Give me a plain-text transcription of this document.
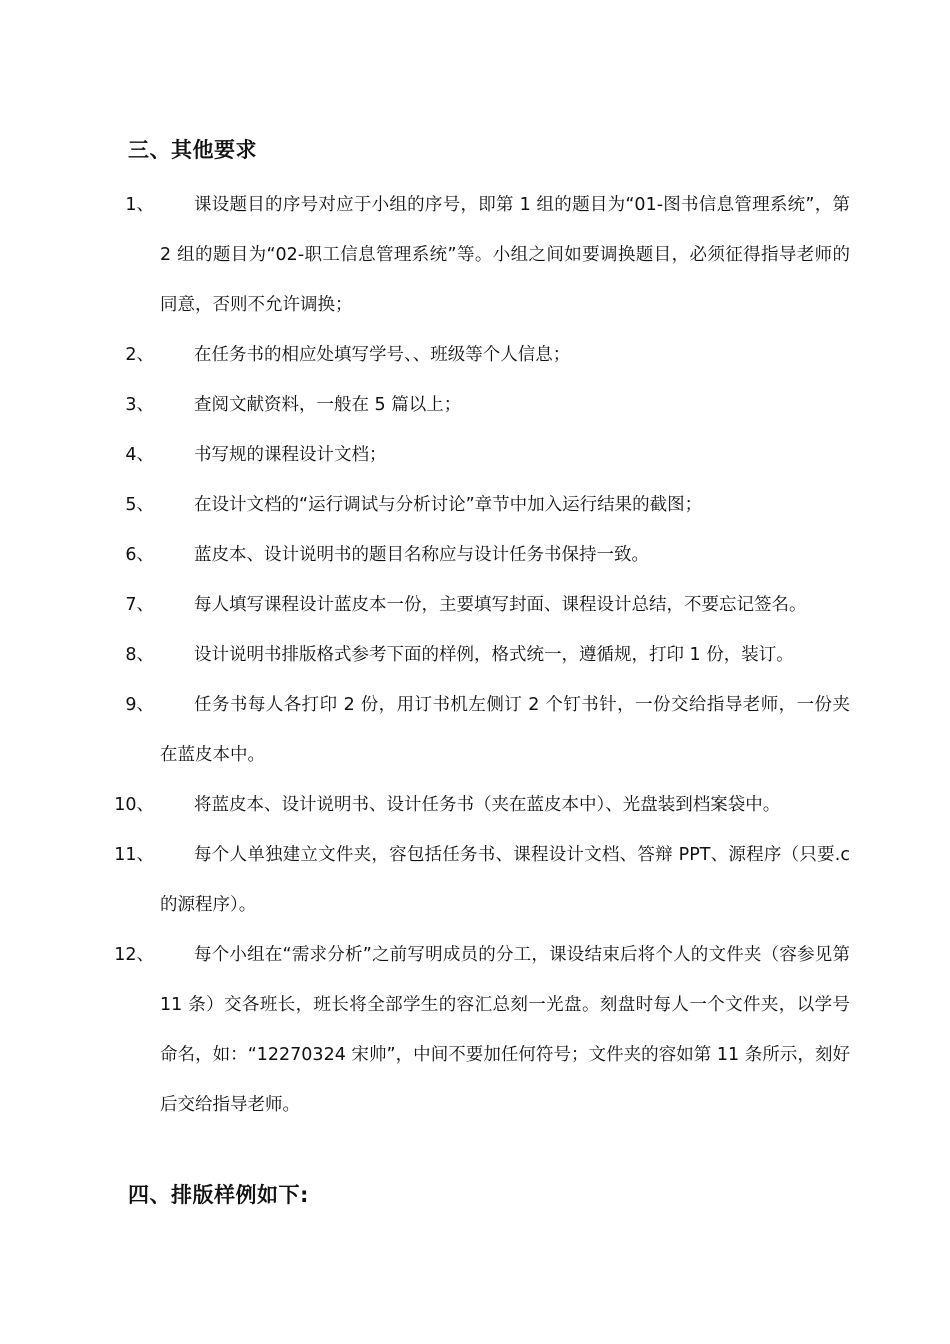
三、其他要求
1、	课设题目的序号对应于小组的序号，即第 1 组的题目为“01-图书信息管理系统”，第 2 组的题目为“02-职工信息管理系统”等。小组之间如要调换题目，必须征得指导老师的同意，否则不允许调换；
2、	在任务书的相应处填写学号、、班级等个人信息；
3、	查阅文献资料，一般在 5 篇以上；
4、	书写规的课程设计文档；
5、	在设计文档的“运行调试与分析讨论”章节中加入运行结果的截图；
6、	蓝皮本、设计说明书的题目名称应与设计任务书保持一致。
7、	每人填写课程设计蓝皮本一份，主要填写封面、课程设计总结，不要忘记签名。
8、	设计说明书排版格式参考下面的样例，格式统一，遵循规，打印 1 份，装订。
9、	任务书每人各打印 2 份，用订书机左侧订 2 个钉书针，一份交给指导老师，一份夹在蓝皮本中。
10、	将蓝皮本、设计说明书、设计任务书（夹在蓝皮本中）、光盘装到档案袋中。
11、	每个人单独建立文件夹，容包括任务书、课程设计文档、答辩 PPT、源程序（只要.c 的源程序）。
12、	每个小组在“需求分析”之前写明成员的分工，课设结束后将个人的文件夹（容参见第 11 条）交各班长，班长将全部学生的容汇总刻一光盘。刻盘时每人一个文件夹，以学号命名，如：“12270324 宋帅”，中间不要加任何符号；文件夹的容如第 11 条所示，刻好后交给指导老师。
四、排版样例如下:
